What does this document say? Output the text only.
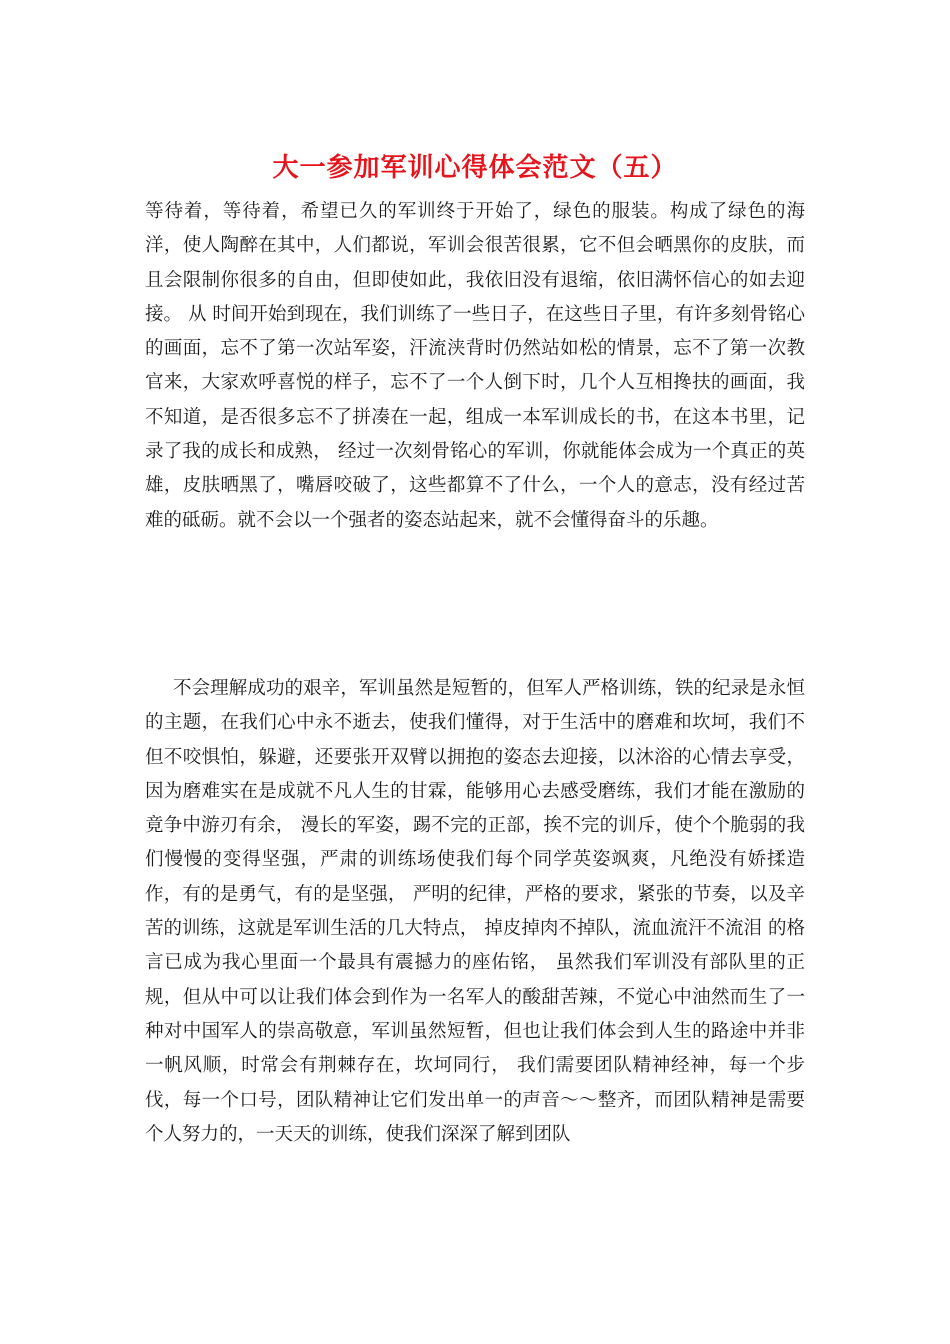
大一参加军训心得体会范文（五）

等待着，等待着，希望已久的军训终于开始了，绿色的服装。构成了绿色的海洋，使人陶醉在其中，人们都说，军训会很苦很累，它不但会晒黑你的皮肤，而且会限制你很多的自由，但即使如此，我依旧没有退缩，依旧满怀信心的如去迎接。 从 时间开始到现在，我们训练了一些日子，在这些日子里，有许多刻骨铭心的画面，忘不了第一次站军姿，汗流浃背时仍然站如松的情景，忘不了第一次教官来，大家欢呼喜悦的样子，忘不了一个人倒下时，几个人互相搀扶的画面，我不知道，是否很多忘不了拼凑在一起，组成一本军训成长的书，在这本书里，记录了我的成长和成熟， 经过一次刻骨铭心的军训，你就能体会成为一个真正的英雄，皮肤晒黑了，嘴唇咬破了，这些都算不了什么，一个人的意志，没有经过苦难的砥砺。就不会以一个强者的姿态站起来，就不会懂得奋斗的乐趣。

不会理解成功的艰辛，军训虽然是短暂的，但军人严格训练，铁的纪录是永恒的主题，在我们心中永不逝去，使我们懂得，对于生活中的磨难和坎坷，我们不但不咬惧怕，躲避，还要张开双臂以拥抱的姿态去迎接，以沐浴的心情去享受，因为磨难实在是成就不凡人生的甘霖，能够用心去感受磨练，我们才能在激励的竟争中游刃有余， 漫长的军姿，踢不完的正部，挨不完的训斥，使个个脆弱的我们慢慢的变得坚强，严肃的训练场使我们每个同学英姿飒爽，凡绝没有娇揉造作，有的是勇气，有的是坚强， 严明的纪律，严格的要求，紧张的节奏，以及辛苦的训练，这就是军训生活的几大特点， 掉皮掉肉不掉队，流血流汗不流泪 的格言已成为我心里面一个最具有震撼力的座佑铭， 虽然我们军训没有部队里的正规，但从中可以让我们体会到作为一名军人的酸甜苦辣，不觉心中油然而生了一种对中国军人的崇高敬意，军训虽然短暂，但也让我们体会到人生的路途中并非一帆风顺，时常会有荆棘存在，坎坷同行， 我们需要团队精神经神，每一个步伐，每一个口号，团队精神让它们发出单一的声音～～整齐，而团队精神是需要个人努力的，一天天的训练，使我们深深了解到团队
